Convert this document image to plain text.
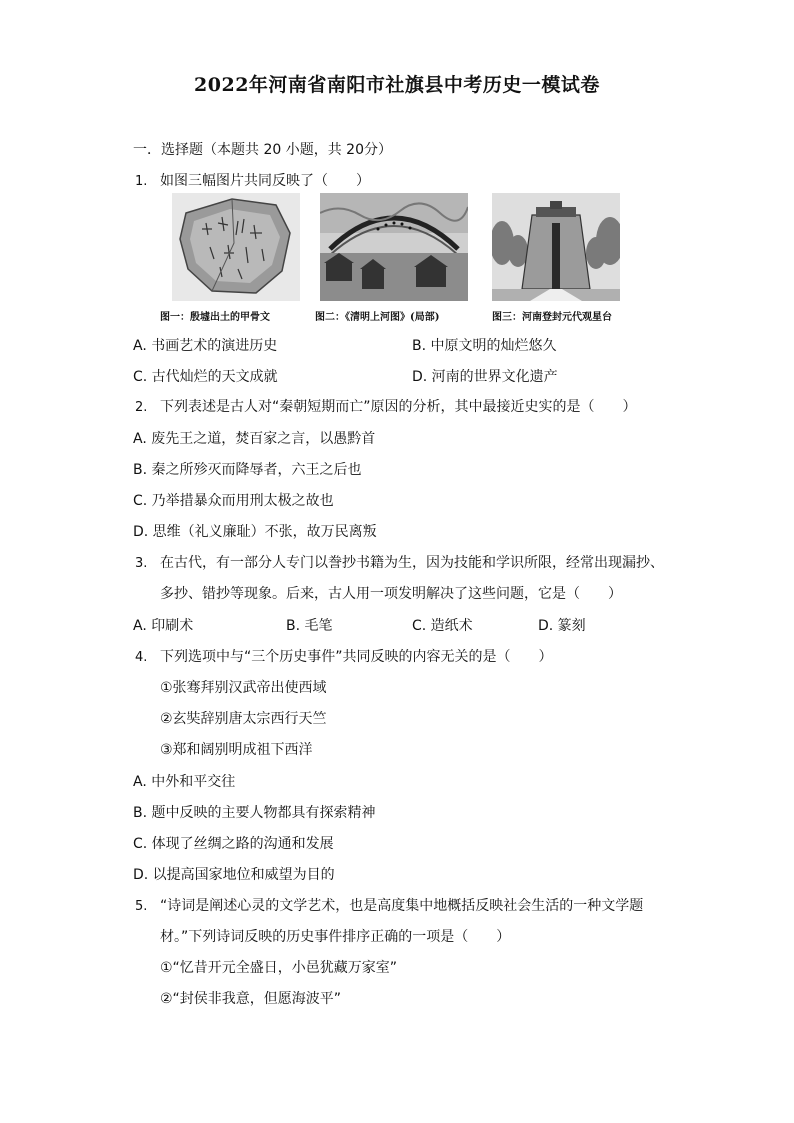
2022年河南省南阳市社旗县中考历史一模试卷
一．选择题（本题共 20 小题，共 20分）
1. 如图三幅图片共同反映了（　　）
图一：殷墟出土的甲骨文	图二：《清明上河图》(局部)	图三：河南登封元代观星台
A. 书画艺术的演进历史	B. 中原文明的灿烂悠久
C. 古代灿烂的天文成就	D. 河南的世界文化遗产
2. 下列表述是古人对“秦朝短期而亡”原因的分析，其中最接近史实的是（　　）
A. 废先王之道，焚百家之言，以愚黔首
B. 秦之所殄灭而降辱者，六王之后也
C. 乃举措暴众而用刑太极之故也
D. 思维（礼义廉耻）不张，故万民离叛
3. 在古代，有一部分人专门以誊抄书籍为生，因为技能和学识所限，经常出现漏抄、
多抄、错抄等现象。后来，古人用一项发明解决了这些问题，它是（　　）
A. 印刷术	B. 毛笔	C. 造纸术	D. 篆刻
4. 下列选项中与“三个历史事件”共同反映的内容无关的是（　　）
①张骞拜别汉武帝出使西域
②玄奘辞别唐太宗西行天竺
③郑和阔别明成祖下西洋
A. 中外和平交往
B. 题中反映的主要人物都具有探索精神
C. 体现了丝绸之路的沟通和发展
D. 以提高国家地位和威望为目的
5. “诗词是阐述心灵的文学艺术，也是高度集中地概括反映社会生活的一种文学题
材。”下列诗词反映的历史事件排序正确的一项是（　　）
①“忆昔开元全盛日，小邑犹藏万家室”
②“封侯非我意，但愿海波平”
